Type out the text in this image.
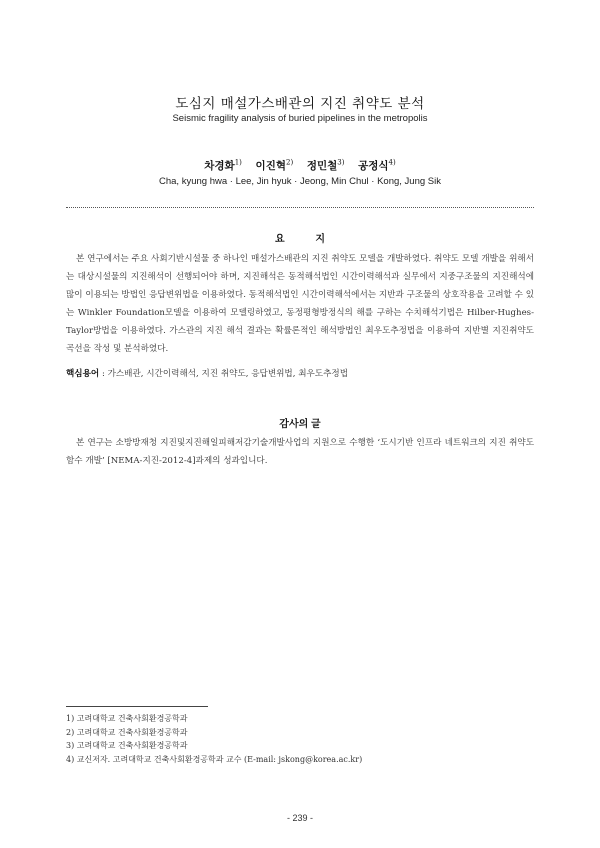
도심지 매설가스배관의 지진 취약도 분석
Seismic fragility analysis of buried pipelines in the metropolis
차경화$^{1)}$ 이진혁$^{2)}$ 정민철$^{3)}$ 공정식$^{4)}$
Cha, kyung hwa · Lee, Jin hyuk · Jeong, Min Chul · Kong, Jung Sik
요 지
본 연구에서는 주요 사회기반시설물 중 하나인 매설가스배관의 지진 취약도 모델을 개발하였다. 취약도 모델 개발을 위해서는 대상시설물의 지진해석이 선행되어야 하며, 지진해석은 동적해석법인 시간이력해석과 실무에서 지중구조물의 지진해석에 많이 이용되는 방법인 응답변위법을 이용하였다. 동적해석법인 시간이력해석에서는 지반과 구조물의 상호작용을 고려할 수 있는 Winkler Foundation모델을 이용하여 모델링하였고, 동정평형방정식의 해를 구하는 수치해석기법은 Hilber-Hughes-Taylor방법을 이용하였다. 가스관의 지진 해석 결과는 확률론적인 해석방법인 최우도추정법을 이용하여 지반별 지진취약도 곡선을 작성 및 분석하였다.
핵심용어 : 가스배관, 시간이력해석, 지진 취약도, 응답변위법, 최우도추정법
감사의 글
본 연구는 소방방재청 지진및지진해일피해저감기술개발사업의 지원으로 수행한 ‘도시기반 인프라 네트워크의 지진 취약도 함수 개발’ [NEMA-지진-2012-4]과제의 성과입니다.
1) 고려대학교 건축사회환경공학과
2) 고려대학교 건축사회환경공학과
3) 고려대학교 건축사회환경공학과
4) 교신저자. 고려대학교 건축사회환경공학과 교수 (E-mail: jskong@korea.ac.kr)
- 239 -
